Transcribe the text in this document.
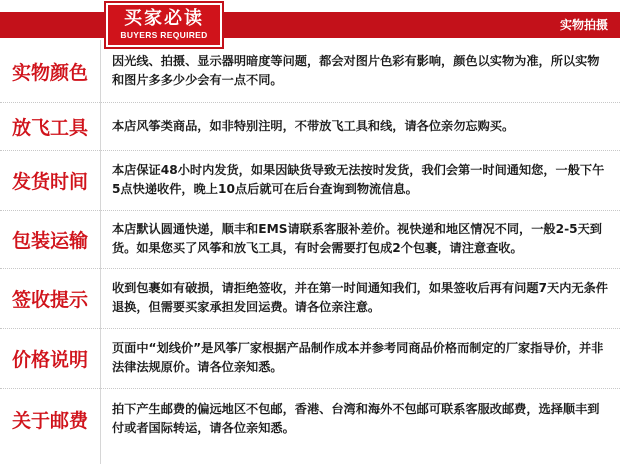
买家必读
BUYERS REQUIRED
实物拍摄
实物颜色
因光线、拍摄、显示器明暗度等问题，都会对图片色彩有影响，颜色以实物为准，所以实物和图片多多少少会有一点不同。
放飞工具	本店风筝类商品，如非特别注明，不带放飞工具和线，请各位亲勿忘购买。
发货时间
本店保证48小时内发货，如果因缺货导致无法按时发货，我们会第一时间通知您，一般下午5点快递收件，晚上10点后就可在后台查询到物流信息。
包装运输
本店默认圆通快递，顺丰和EMS请联系客服补差价。视快递和地区情况不同，一般2-5天到货。如果您买了风筝和放飞工具，有时会需要打包成2个包裹，请注意查收。
签收提示
收到包裹如有破损，请拒绝签收，并在第一时间通知我们，如果签收后再有问题7天内无条件退换，但需要买家承担发回运费。请各位亲注意。
价格说明
页面中“划线价”是风筝厂家根据产品制作成本并参考同商品价格而制定的厂家指导价，并非法律法规原价。请各位亲知悉。
关于邮费
拍下产生邮费的偏远地区不包邮，香港、台湾和海外不包邮可联系客服改邮费，选择顺丰到付或者国际转运，请各位亲知悉。
